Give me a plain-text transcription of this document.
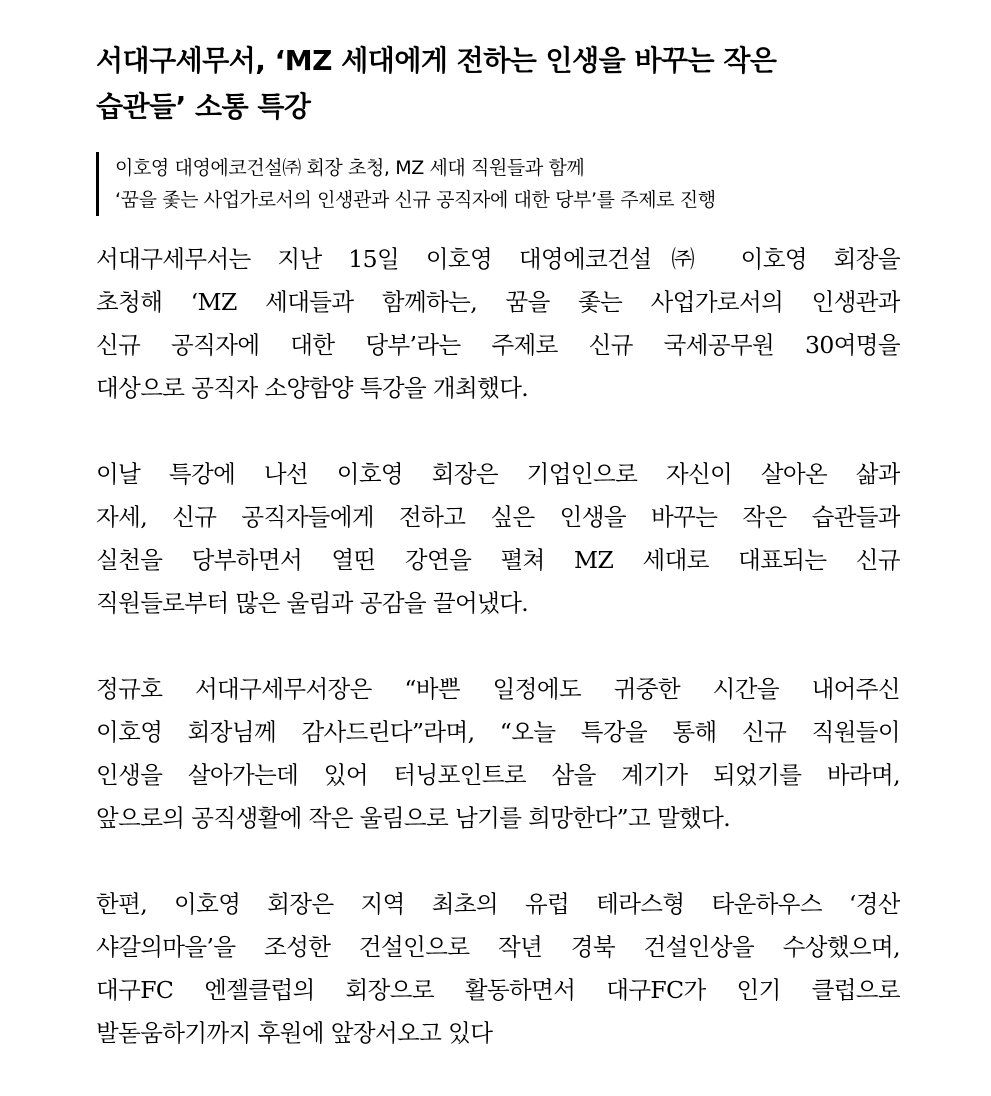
서대구세무서, ‘MZ 세대에게 전하는 인생을 바꾸는 작은
습관들’ 소통 특강
이호영 대영에코건설㈜ 회장 초청, MZ 세대 직원들과 함께
‘꿈을 좇는 사업가로서의 인생관과 신규 공직자에 대한 당부’를 주제로 진행

서대구세무서는 지난 15일 이호영 대영에코건설㈜ 이호영 회장을
초청해 ‘MZ 세대들과 함께하는, 꿈을 좇는 사업가로서의 인생관과
신규 공직자에 대한 당부’라는 주제로 신규 국세공무원 30여명을
대상으로 공직자 소양함양 특강을 개최했다.

이날 특강에 나선 이호영 회장은 기업인으로 자신이 살아온 삶과
자세, 신규 공직자들에게 전하고 싶은 인생을 바꾸는 작은 습관들과
실천을 당부하면서 열띤 강연을 펼쳐 MZ 세대로 대표되는 신규
직원들로부터 많은 울림과 공감을 끌어냈다.

정규호 서대구세무서장은 “바쁜 일정에도 귀중한 시간을 내어주신
이호영 회장님께 감사드린다”라며, “오늘 특강을 통해 신규 직원들이
인생을 살아가는데 있어 터닝포인트로 삼을 계기가 되었기를 바라며,
앞으로의 공직생활에 작은 울림으로 남기를 희망한다”고 말했다.

한편, 이호영 회장은 지역 최초의 유럽 테라스형 타운하우스 ‘경산
샤갈의마을’을 조성한 건설인으로 작년 경북 건설인상을 수상했으며,
대구FC 엔젤클럽의 회장으로 활동하면서 대구FC가 인기 클럽으로
발돋움하기까지 후원에 앞장서오고 있다
